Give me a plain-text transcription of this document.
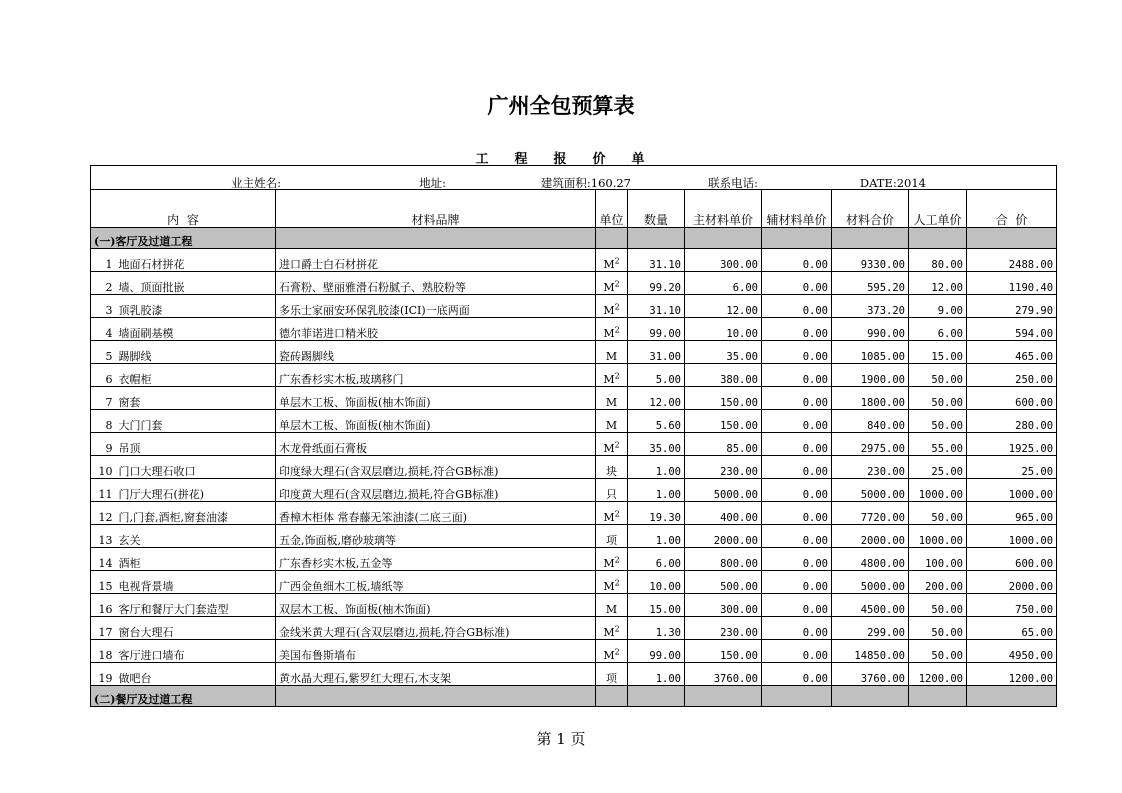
广州全包预算表
工程报价单
业主姓名: 地址: 建筑面积:160.27 联系电话: DATE:2014									
内  容		材料品牌	单位	数量	主材料单价	辅材料单价	材料合价	人工单价	合  价
(一)客厅及过道工程									
1	地面石材拼花	进口爵士白石材拼花	$M^2$	31.10	300.00	0.00	9330.00	80.00	2488.00
2	墙、顶面批嵌	石膏粉、壁丽雅滑石粉腻子、熟胶粉等	$M^2$	99.20	6.00	0.00	595.20	12.00	1190.40
3	顶乳胶漆	多乐士家丽安环保乳胶漆(ICI)一底两面	$M^2$	31.10	12.00	0.00	373.20	9.00	279.90
4	墙面刷基模	德尔菲诺进口精米胶	$M^2$	99.00	10.00	0.00	990.00	6.00	594.00
5	踢脚线	瓷砖踢脚线	M	31.00	35.00	0.00	1085.00	15.00	465.00
6	衣帽柜	广东香杉实木板,玻璃移门	$M^2$	5.00	380.00	0.00	1900.00	50.00	250.00
7	窗套	单层木工板、饰面板(柚木饰面)	M	12.00	150.00	0.00	1800.00	50.00	600.00
8	大门门套	单层木工板、饰面板(柚木饰面)	M	5.60	150.00	0.00	840.00	50.00	280.00
9	吊顶	木龙骨纸面石膏板	$M^2$	35.00	85.00	0.00	2975.00	55.00	1925.00
10	门口大理石收口	印度绿大理石(含双层磨边,损耗,符合GB标准)	块	1.00	230.00	0.00	230.00	25.00	25.00
11	门厅大理石(拼花)	印度黄大理石(含双层磨边,损耗,符合GB标准)	只	1.00	5000.00	0.00	5000.00	1000.00	1000.00
12	门,门套,酒柜,窗套油漆	香樟木柜体 常春藤无笨油漆(二底三面)	$M^2$	19.30	400.00	0.00	7720.00	50.00	965.00
13	玄关	五金,饰面板,磨砂玻璃等	项	1.00	2000.00	0.00	2000.00	1000.00	1000.00
14	酒柜	广东香杉实木板,五金等	$M^2$	6.00	800.00	0.00	4800.00	100.00	600.00
15	电视背景墙	广西金鱼细木工板,墙纸等	$M^2$	10.00	500.00	0.00	5000.00	200.00	2000.00
16	客厅和餐厅大门套造型	双层木工板、饰面板(柚木饰面)	M	15.00	300.00	0.00	4500.00	50.00	750.00
17	窗台大理石	金线米黄大理石(含双层磨边,损耗,符合GB标准)	$M^2$	1.30	230.00	0.00	299.00	50.00	65.00
18	客厅进口墙布	美国布鲁斯墙布	$M^2$	99.00	150.00	0.00	14850.00	50.00	4950.00
19	做吧台	黄水晶大理石,紫罗红大理石,木支架	项	1.00	3760.00	0.00	3760.00	1200.00	1200.00
(二)餐厅及过道工程									
第 1 页
